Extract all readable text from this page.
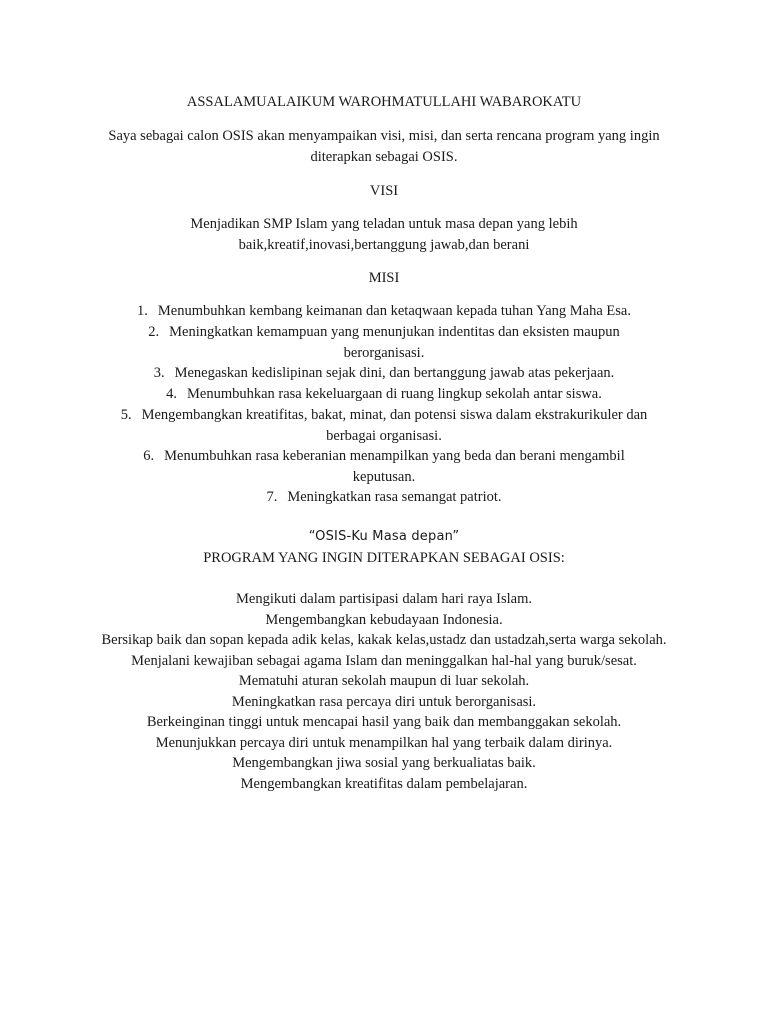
ASSALAMUALAIKUM WAROHMATULLAHI WABAROKATU
Saya sebagai calon OSIS akan menyampaikan visi, misi, dan serta rencana program yang ingin
diterapkan sebagai OSIS.
VISI
Menjadikan SMP Islam yang teladan untuk masa depan yang lebih
baik,kreatif,inovasi,bertanggung jawab,dan berani
MISI
1. Menumbuhkan kembang keimanan dan ketaqwaan kepada tuhan Yang Maha Esa.
2. Meningkatkan kemampuan yang menunjukan indentitas dan eksisten maupun
berorganisasi.
3. Menegaskan kedislipinan sejak dini, dan bertanggung jawab atas pekerjaan.
4. Menumbuhkan rasa kekeluargaan di ruang lingkup sekolah antar siswa.
5. Mengembangkan kreatifitas, bakat, minat, dan potensi siswa dalam ekstrakurikuler dan
berbagai organisasi.
6. Menumbuhkan rasa keberanian menampilkan yang beda dan berani mengambil
keputusan.
7. Meningkatkan rasa semangat patriot.
“OSIS-Ku Masa depan”
PROGRAM YANG INGIN DITERAPKAN SEBAGAI OSIS:
Mengikuti dalam partisipasi dalam hari raya Islam.
Mengembangkan kebudayaan Indonesia.
Bersikap baik dan sopan kepada adik kelas, kakak kelas,ustadz dan ustadzah,serta warga sekolah.
Menjalani kewajiban sebagai agama Islam dan meninggalkan hal-hal yang buruk/sesat.
Mematuhi aturan sekolah maupun di luar sekolah.
Meningkatkan rasa percaya diri untuk berorganisasi.
Berkeinginan tinggi untuk mencapai hasil yang baik dan membanggakan sekolah.
Menunjukkan percaya diri untuk menampilkan hal yang terbaik dalam dirinya.
Mengembangkan jiwa sosial yang berkualiatas baik.
Mengembangkan kreatifitas dalam pembelajaran.
